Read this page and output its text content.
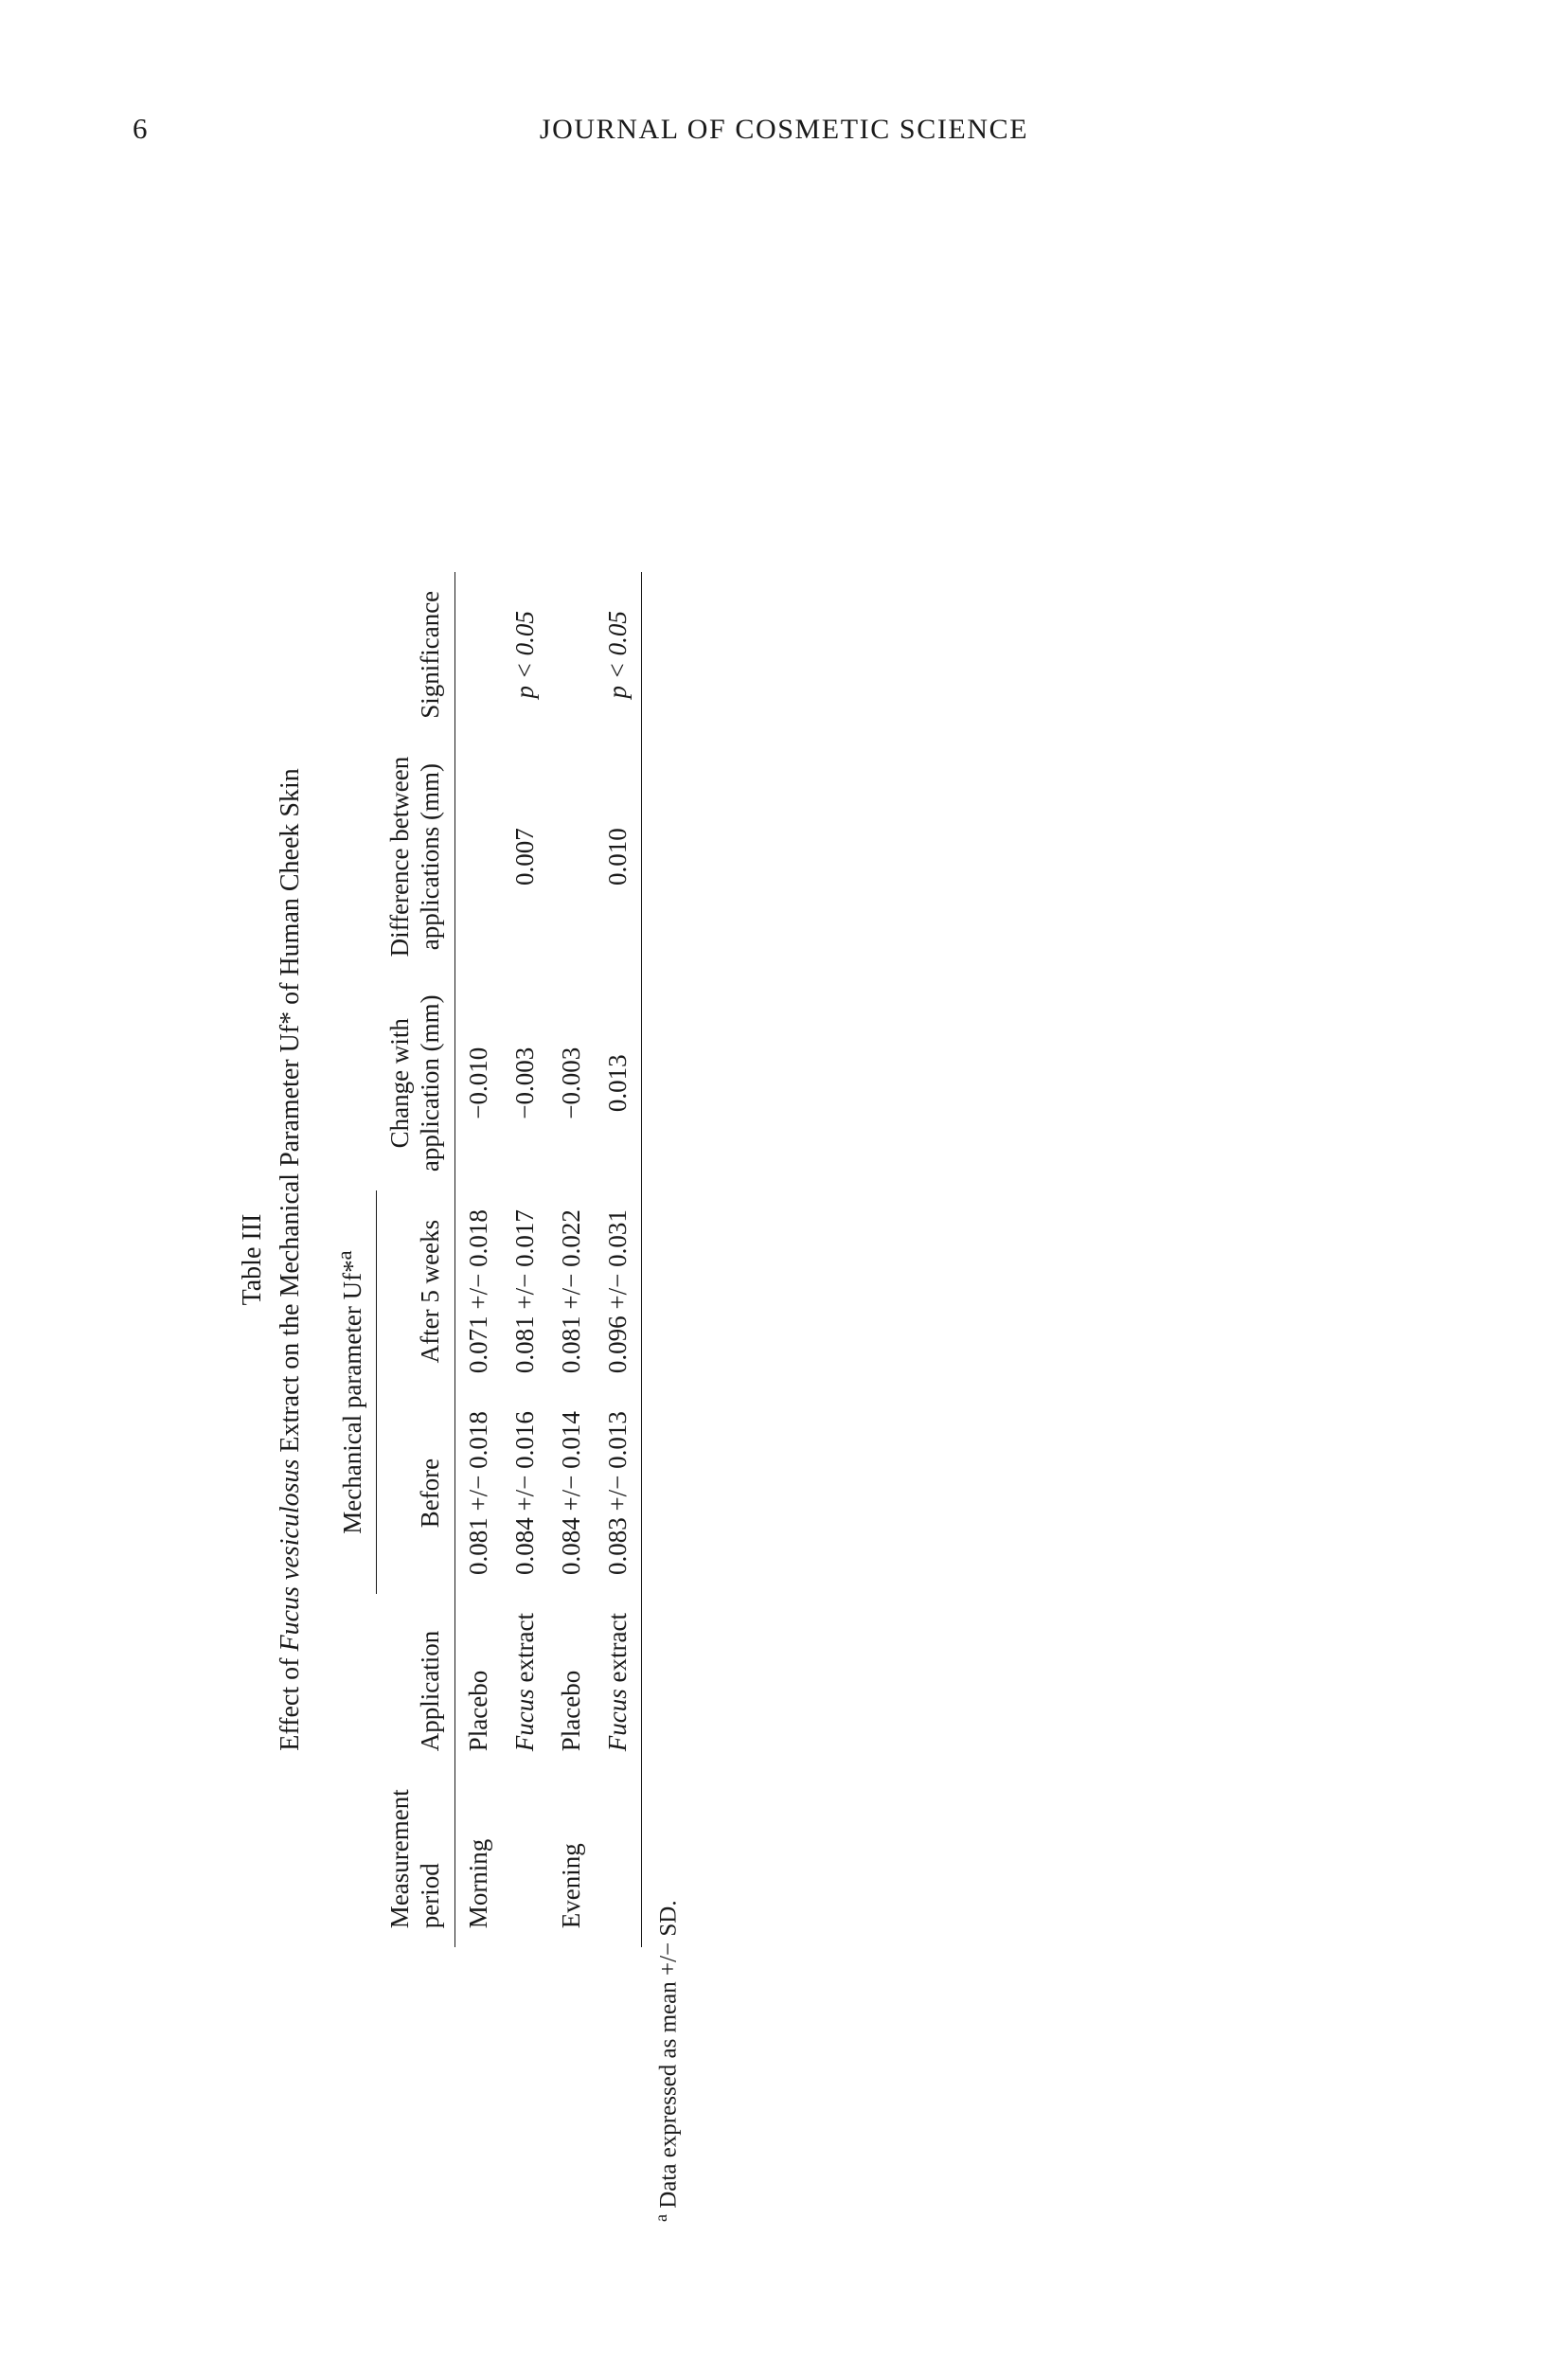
6	JOURNAL OF COSMETIC SCIENCE
Table III
Effect of Fucus vesiculosus Extract on the Mechanical Parameter Uf* of Human Cheek Skin
		Mechanical parameter Uf*$^a$			

Measurement period	Application	Before	After 5 weeks	Change with application (mm)	Difference between applications (mm)	Significance

Morning	Placebo	0.081 +/− 0.018	0.071 +/− 0.018	−0.010		
	Fucus extract	0.084 +/− 0.016	0.081 +/− 0.017	−0.003	0.007	p < 0.05
Evening	Placebo	0.084 +/− 0.014	0.081 +/− 0.022	−0.003		
	Fucus extract	0.083 +/− 0.013	0.096 +/− 0.031	0.013	0.010	p < 0.05
$^a$ Data expressed as mean +/− SD.
